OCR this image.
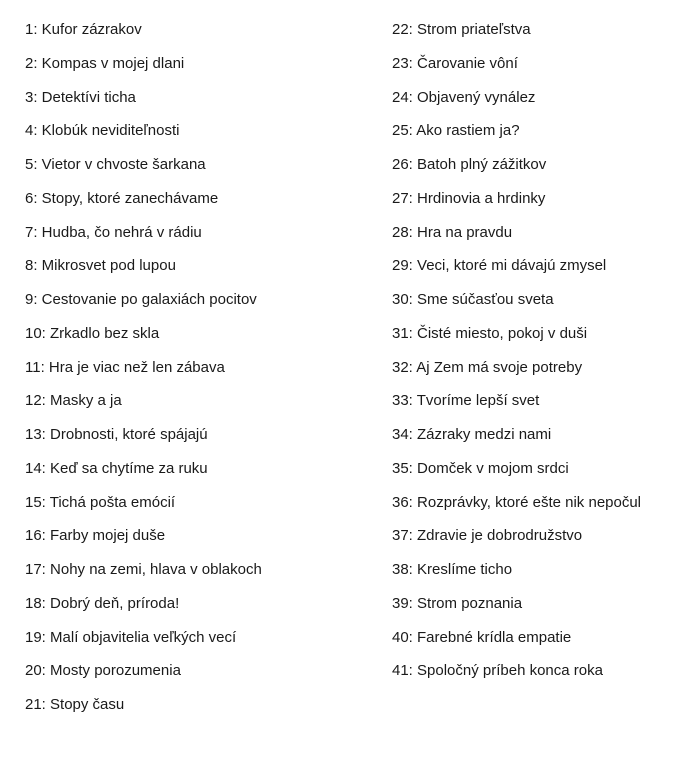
1: Kufor zázrakov
2: Kompas v mojej dlani
3: Detektívi ticha
4: Klobúk neviditeľnosti
5: Vietor v chvoste šarkana
6: Stopy, ktoré zanechávame
7: Hudba, čo nehrá v rádiu
8: Mikrosvet pod lupou
9: Cestovanie po galaxiách pocitov
10: Zrkadlo bez skla
11: Hra je viac než len zábava
12: Masky a ja
13: Drobnosti, ktoré spájajú
14: Keď sa chytíme za ruku
15: Tichá pošta emócií
16: Farby mojej duše
17: Nohy na zemi, hlava v oblakoch
18: Dobrý deň, príroda!
19: Malí objavitelia veľkých vecí
20: Mosty porozumenia
21: Stopy času
22: Strom priateľstva
23: Čarovanie vôní
24: Objavený vynález
25: Ako rastiem ja?
26: Batoh plný zážitkov
27: Hrdinovia a hrdinky
28: Hra na pravdu
29: Veci, ktoré mi dávajú zmysel
30: Sme súčasťou sveta
31: Čisté miesto, pokoj v duši
32: Aj Zem má svoje potreby
33: Tvoríme lepší svet
34: Zázraky medzi nami
35: Domček v mojom srdci
36: Rozprávky, ktoré ešte nik nepočul
37: Zdravie je dobrodružstvo
38: Kreslíme ticho
39: Strom poznania
40: Farebné krídla empatie
41: Spoločný príbeh konca roka
